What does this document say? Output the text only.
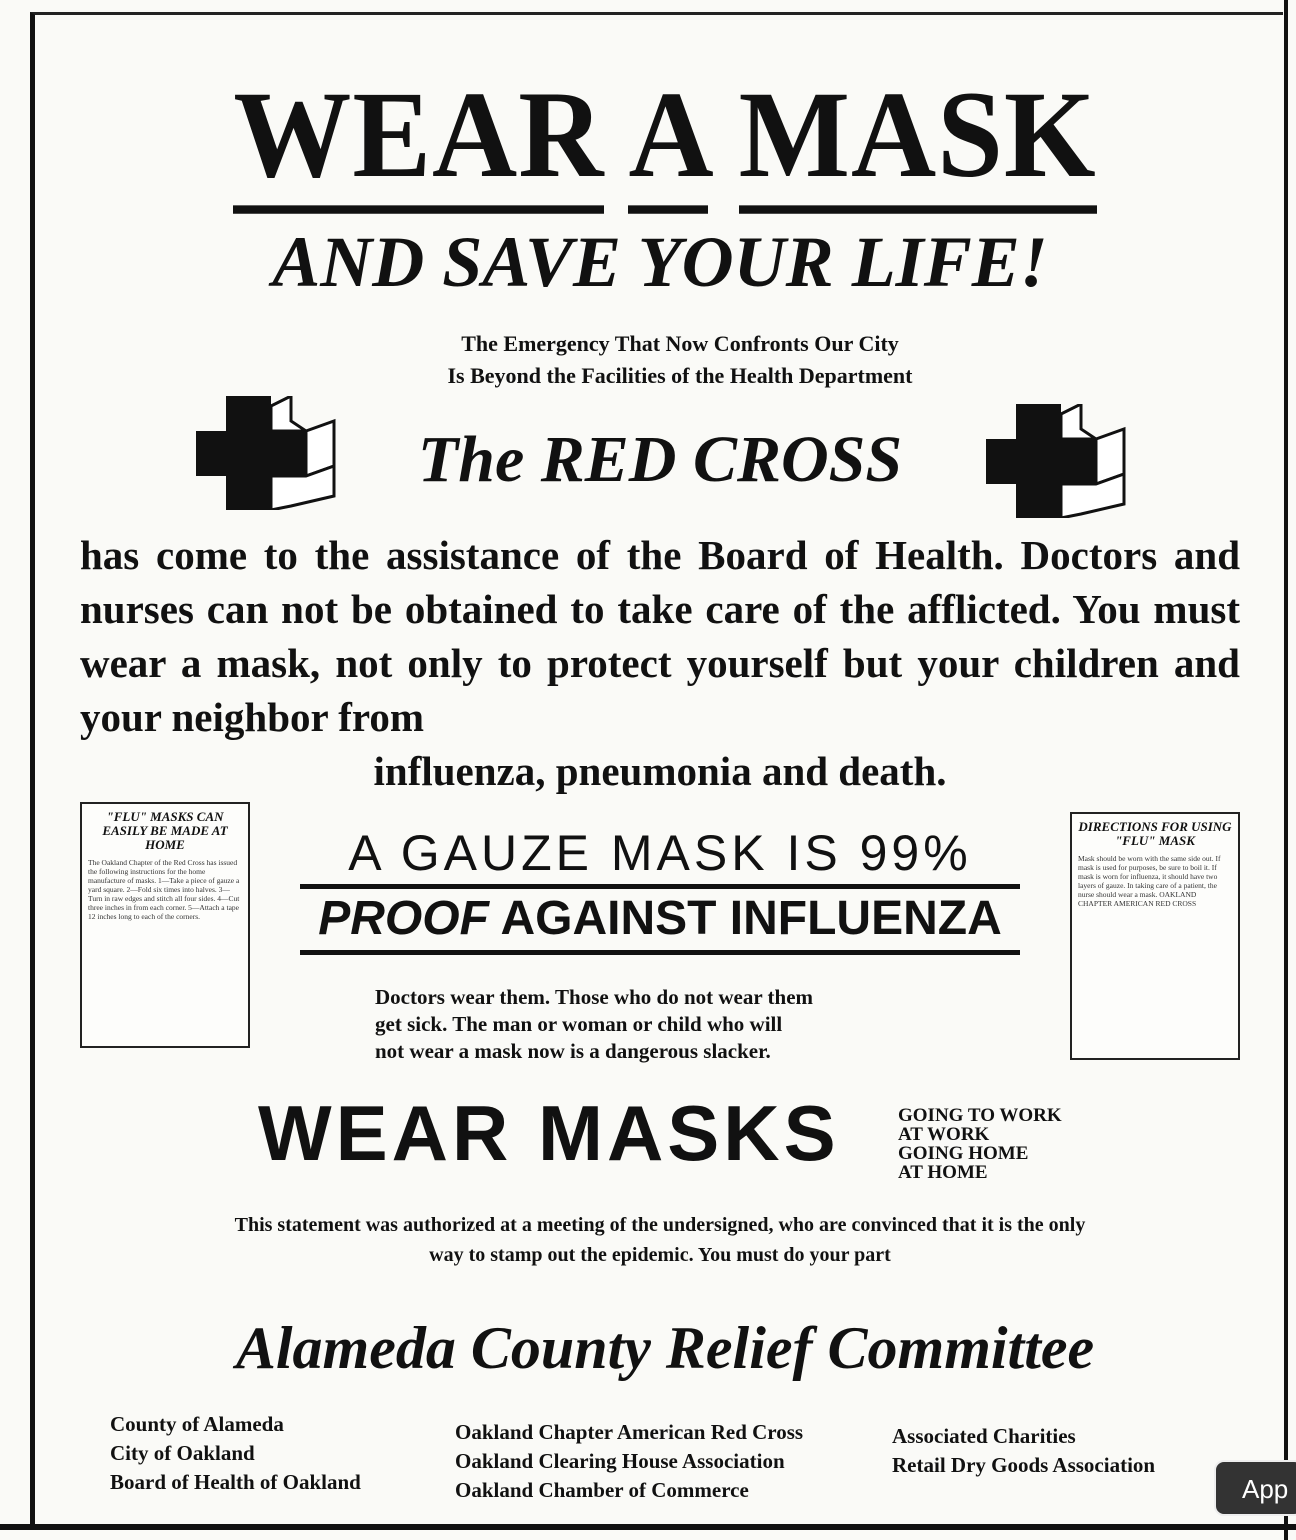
WEAR A MASK
AND SAVE YOUR LIFE!
The Emergency That Now Confronts Our City
Is Beyond the Facilities of the Health Department
The RED CROSS
has come to the assistance of the Board of Health. Doctors and nurses can not be obtained to take care of the afflicted. You must wear a mask, not only to protect yourself but your children and your neighbor from
influenza, pneumonia and death.
"FLU" MASKS CAN EASILY BE MADE AT HOME
The Oakland Chapter of the Red Cross has issued the following instructions for the home manufacture of masks. 1—Take a piece of gauze a yard square. 2—Fold six times into halves. 3—Turn in raw edges and stitch all four sides. 4—Cut three inches in from each corner. 5—Attach a tape 12 inches long to each of the corners.
DIRECTIONS FOR USING "FLU" MASK
Mask should be worn with the same side out. If mask is used for purposes, be sure to boil it. If mask is worn for influenza, it should have two layers of gauze. In taking care of a patient, the nurse should wear a mask. OAKLAND CHAPTER AMERICAN RED CROSS
A GAUZE MASK IS 99%
PROOF AGAINST INFLUENZA
Doctors wear them. Those who do not wear them
get sick. The man or woman or child who will
not wear a mask now is a dangerous slacker.
WEAR MASKS	GOING TO WORK
AT WORK
GOING HOME
AT HOME
This statement was authorized at a meeting of the undersigned, who are convinced that it is the only
way to stamp out the epidemic. You must do your part
Alameda County Relief Committee
County of Alameda
City of Oakland
Board of Health of Oakland
Oakland Chapter American Red Cross
Oakland Clearing House Association
Oakland Chamber of Commerce
Associated Charities
Retail Dry Goods Association
App
